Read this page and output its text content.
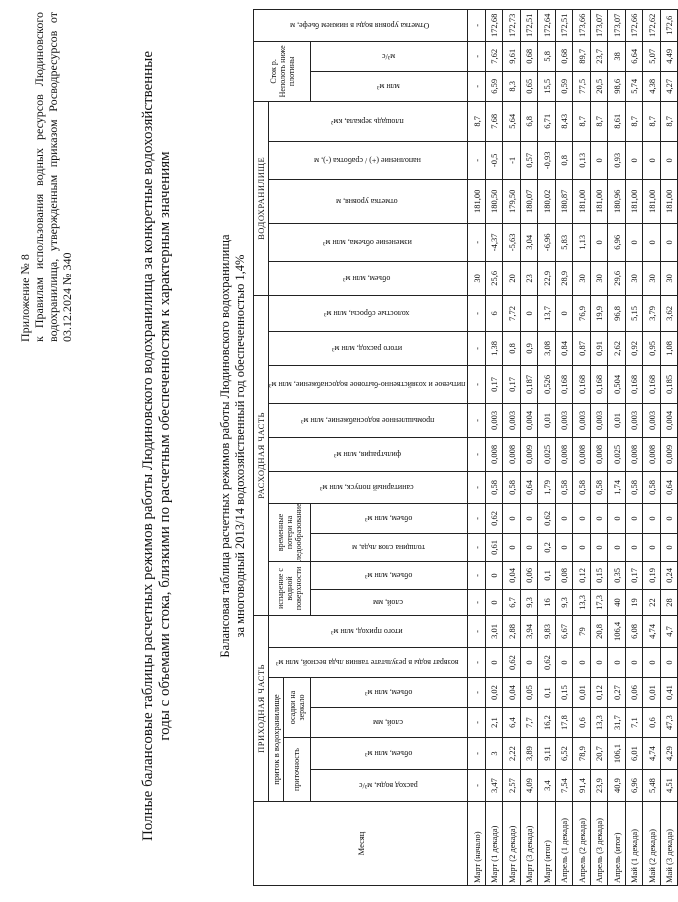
Приложение № 8 к Правилам использования водных ресурсов Людиновского водохранилища, утвержденным приказом Росводресурсов от 03.12.2024 № 340	Полные балансовые таблицы расчетных режимов работы Людиновского водохранилища за конкретные водохозяйственные годы с объемами стока, близкими по расчетным обеспеченностям к характерным значениям	Балансовая таблица расчетных режимов работы Людиновского водохранилища за многоводный 2013/14 водохозяйственный год обеспеченностью 1,4%
Месяц	ПРИХОДНАЯ ЧАСТЬ						РАСХОДНАЯ ЧАСТЬ										ВОДОХРАНИЛИЩЕ					Сток р. Неполоть ниже плотины		Отметка уровня воды в нижнем бьефе, м
	приток в водохранилище				возврат воды в результате таяния льда весной, млн м³	итого приход, млн м³	испарение с водной поверхности		временные потери на ледообразование		санитарный попуск, млн м³	фильтрация, млн м³	промышленное водоснабжение, млн м³	питьевое и хозяйственно-бытовое водоснабжение, млн м³	итого расход, млн м³	холостые сбросы, млн м³	объем, млн м³	изменение объема, млн м³	отметка уровня, м	наполнение (+) / сработка (-), м	площадь зеркала, км²			
	приточность		осадки на зеркало																					
	расход воды, м³/с	объем, млн м³	слой, мм	объем, млн м³			слой, мм	объем, млн м³	толщина слоя льда, м	объем, млн м³												млн м³	м³/с	
Март (начало)	-	-	-	-	-	-	-	-	-	-	-	-	-	-	-	-	30	-	181,00	-	8,7	-	-	-
Март (1 декада)	3,47	3	2,1	0,02	0	3,01	0	0	0,61	0,62	0,58	0,008	0,003	0,17	1,38	6	25,6	-4,37	180,50	-0,5	7,68	6,59	7,62	172,68
Март (2 декада)	2,57	2,22	6,4	0,04	0,62	2,88	6,7	0,04	0	0	0,58	0,008	0,003	0,17	0,8	7,72	20	-5,63	179,50	-1	5,64	8,3	9,61	172,73
Март (3 декада)	4,09	3,89	7,7	0,05	0	3,94	9,3	0,06	0	0	0,64	0,009	0,004	0,187	0,9	0	23	3,04	180,07	0,57	6,8	0,65	0,68	172,51
Март (итог)	3,4	9,11	16,2	0,1	0,62	9,83	16	0,1	0,2	0,62	1,79	0,025	0,01	0,526	3,08	13,7	22,9	-6,96	180,02	-0,93	6,71	15,5	5,8	172,64
Апрель (1 декада)	7,54	6,52	17,8	0,15	0	6,67	9,3	0,08	0	0	0,58	0,008	0,003	0,168	0,84	0	28,9	5,83	180,87	0,8	8,43	0,59	0,68	172,51
Апрель (2 декада)	91,4	78,9	0,6	0,01	0	79	13,3	0,12	0	0	0,58	0,008	0,003	0,168	0,87	76,9	30	1,13	181,00	0,13	8,7	77,5	89,7	173,66
Апрель (3 декада)	23,9	20,7	13,3	0,12	0	20,8	17,3	0,15	0	0	0,58	0,008	0,003	0,168	0,91	19,9	30	0	181,00	0	8,7	20,5	23,7	173,07
Апрель (итог)	40,9	106,1	31,7	0,27	0	106,4	40	0,35	0	0	1,74	0,025	0,01	0,504	2,62	96,8	29,6	6,96	180,96	0,93	8,61	98,6	38	173,07
Май (1 декада)	6,96	6,01	7,1	0,06	0	6,08	19	0,17	0	0	0,58	0,008	0,003	0,168	0,92	5,15	30	0	181,00	0	8,7	5,74	6,64	172,66
Май (2 декада)	5,48	4,74	0,6	0,01	0	4,74	22	0,19	0	0	0,58	0,008	0,003	0,168	0,95	3,79	30	0	181,00	0	8,7	4,38	5,07	172,62
Май (3 декада)	4,51	4,29	47,3	0,41	0	4,7	28	0,24	0	0	0,64	0,009	0,004	0,185	1,08	3,62	30	0	181,00	0	8,7	4,27	4,49	172,6
